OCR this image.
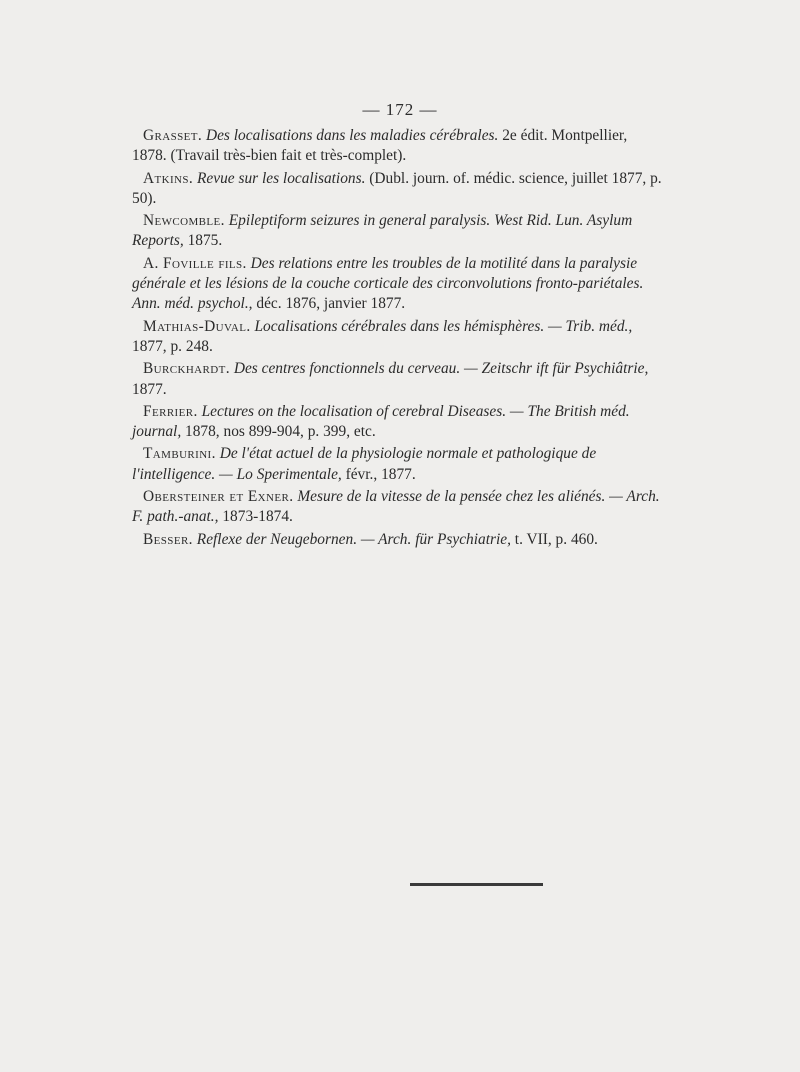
— 172 —

Grasset. Des localisations dans les maladies cérébrales. 2e édit. Montpellier, 1878. (Travail très-bien fait et très-complet).

Atkins. Revue sur les localisations. (Dubl. journ. of. médic. science, juillet 1877, p. 50).

Newcomble. Epileptiform seizures in general paralysis. West Rid. Lun. Asylum Reports, 1875.

A. Foville fils. Des relations entre les troubles de la motilité dans la paralysie générale et les lésions de la couche corticale des circonvolutions fronto-pariétales. Ann. méd. psychol., déc. 1876, janvier 1877.

Mathias-Duval. Localisations cérébrales dans les hémisphères. — Trib. méd., 1877, p. 248.

Burckhardt. Des centres fonctionnels du cerveau. — Zeitschr ift für Psychiâtrie, 1877.

Ferrier. Lectures on the localisation of cerebral Diseases. — The British méd. journal, 1878, nos 899-904, p. 399, etc.

Tamburini. De l'état actuel de la physiologie normale et pathologique de l'intelligence. — Lo Sperimentale, févr., 1877.

Obersteiner et Exner. Mesure de la vitesse de la pensée chez les aliénés. — Arch. F. path.-anat., 1873-1874.

Besser. Reflexe der Neugebornen. — Arch. für Psychiatrie, t. VII, p. 460.
